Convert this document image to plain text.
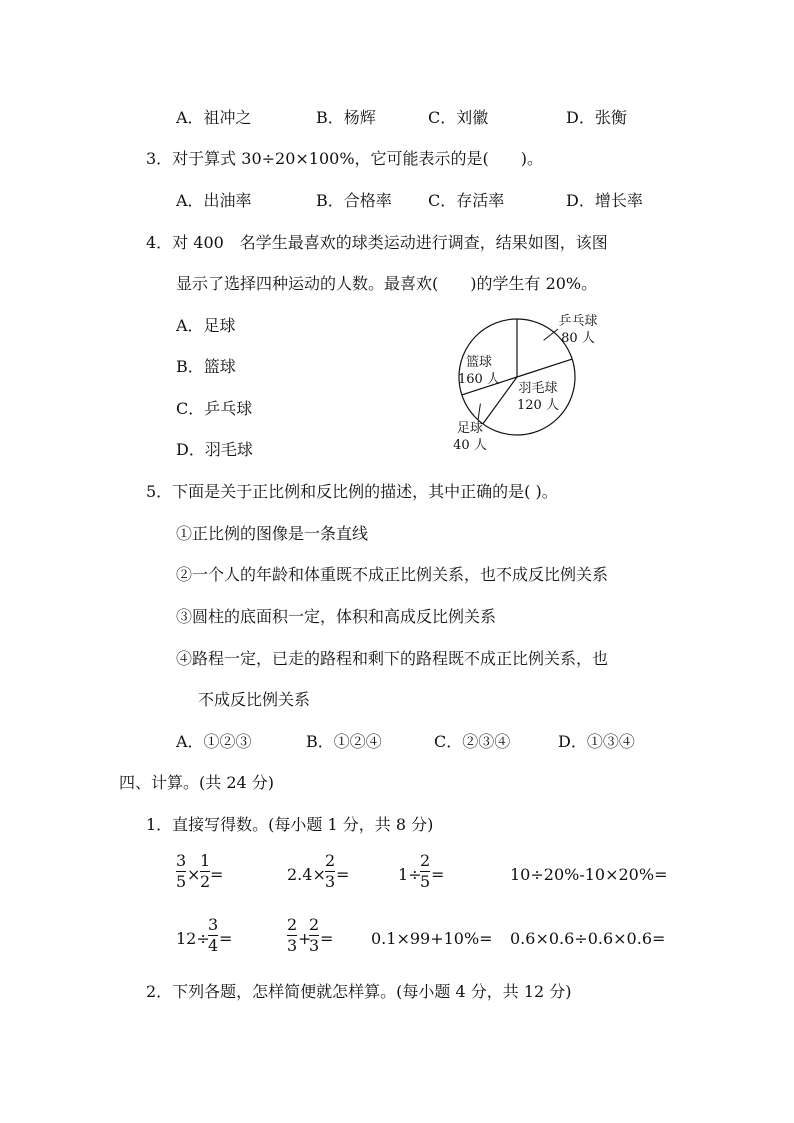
A．祖冲之	B．杨辉	C．刘徽	D．张衡
3．对于算式 30÷20×100%，它可能表示的是(　　)。
A．出油率	B．合格率 C．存活率	D．增长率
4．对 400　名学生最喜欢的球类运动进行调查，结果如图，该图
显示了选择四种运动的人数。最喜欢(　　)的学生有 20%。
A．足球
B．篮球
C．乒乓球
D．羽毛球
乒乓球
80 人
篮球
160 人
足球
40 人
羽毛球
120 人
5．下面是关于正比例和反比例的描述，其中正确的是( )。
①正比例的图像是一条直线
②一个人的年龄和体重既不成正比例关系，也不成反比例关系
③圆柱的底面积一定，体积和高成反比例关系
④路程一定，已走的路程和剩下的路程既不成正比例关系，也
不成反比例关系
A．①②③	B．①②④	C．②③④	D．①③④
四、计算。(共 24 分)
1．直接写得数。(每小题 1 分，共 8 分)
3
5 ×
1
2 =	2.4×
2
3 =	1÷
2
5 =	10÷20%-10×20%=
12÷
3
4 =
2
3 +
2
3 = 0.1×99+10%= 0.6×0.6÷0.6×0.6=
2．下列各题，怎样简便就怎样算。(每小题 4 分，共 12 分)
